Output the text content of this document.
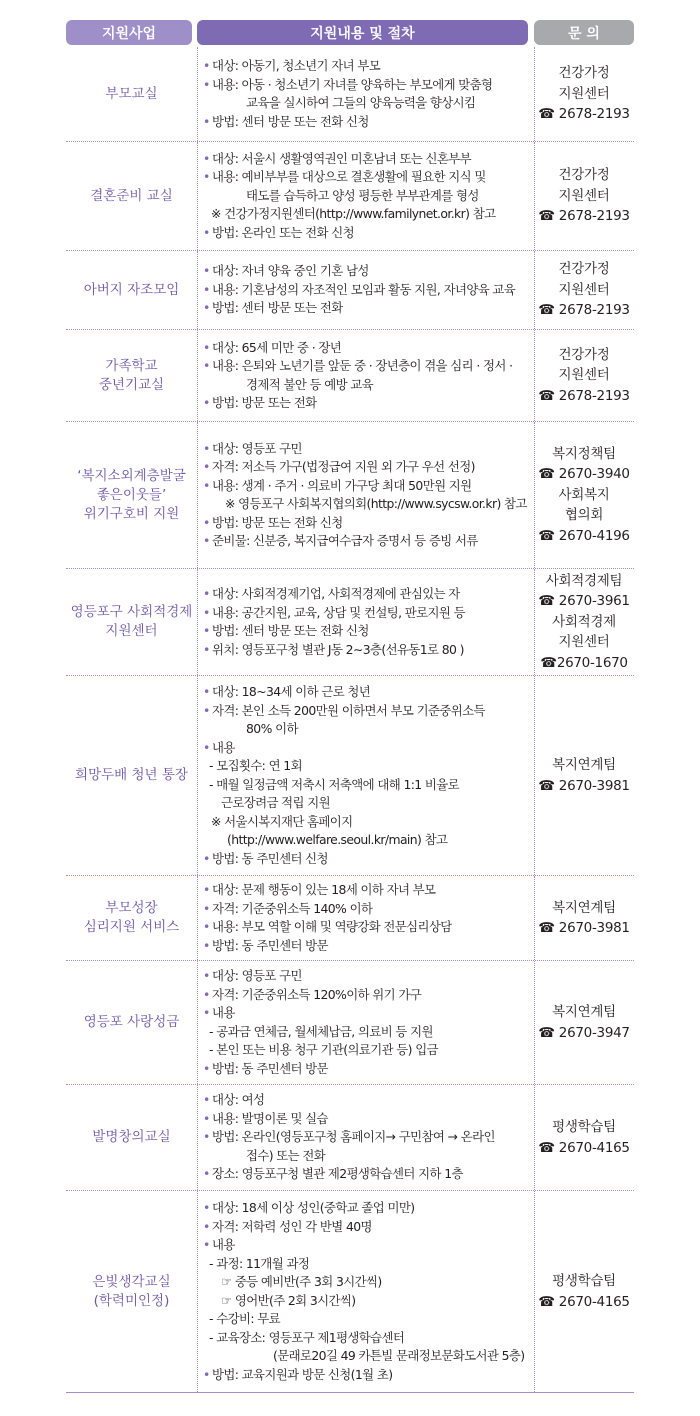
지원사업	지원내용 및 절차	문 의
부모교실
• 대상: 아동기, 청소년기 자녀 부모
• 내용: 아동 · 청소년기 자녀를 양육하는 부모에게 맞춤형
교육을 실시하여 그들의 양육능력을 향상시킴
• 방법: 센터 방문 또는 전화 신청
건강가정
지원센터
☎ 2678-2193
결혼준비 교실
• 대상: 서울시 생활영역권인 미혼남녀 또는 신혼부부
• 내용: 예비부부를 대상으로 결혼생활에 필요한 지식 및
태도를 습득하고 양성 평등한 부부관계를 형성
※ 건강가정지원센터(http://www.familynet.or.kr) 참고
• 방법: 온라인 또는 전화 신청
건강가정
지원센터
☎ 2678-2193
아버지 자조모임
• 대상: 자녀 양육 중인 기혼 남성
• 내용: 기혼남성의 자조적인 모임과 활동 지원, 자녀양육 교육
• 방법: 센터 방문 또는 전화
건강가정
지원센터
☎ 2678-2193
가족학교
중년기교실
• 대상: 65세 미만 중 · 장년
• 내용: 은퇴와 노년기를 앞둔 중 · 장년층이 겪을 심리 · 정서 ·
경제적 불안 등 예방 교육
• 방법: 방문 또는 전화
건강가정
지원센터
☎ 2678-2193
‘복지소외계층발굴
좋은이웃들’
위기구호비 지원
• 대상: 영등포 구민
• 자격: 저소득 가구(법정급여 지원 외 가구 우선 선정)
• 내용: 생계 · 주거 · 의료비 가구당 최대 50만원 지원
※ 영등포구 사회복지협의회(http://www.sycsw.or.kr) 참고
• 방법: 방문 또는 전화 신청
• 준비물: 신분증, 복지급여수급자 증명서 등 증빙 서류
복지정책팀
☎ 2670-3940
사회복지
협의회
☎ 2670-4196
영등포구 사회적경제
지원센터
• 대상: 사회적경제기업, 사회적경제에 관심있는 자
• 내용: 공간지원, 교육, 상담 및 컨설팅, 판로지원 등
• 방법: 센터 방문 또는 전화 신청
• 위치: 영등포구청 별관 J동 2∼3층(선유동1로 80 )
사회적경제팀
☎ 2670-3961
사회적경제
지원센터
☎2670-1670
희망두배 청년 통장
• 대상: 18~34세 이하 근로 청년
• 자격: 본인 소득 200만원 이하면서 부모 기준중위소득
80% 이하
• 내용
- 모집횟수: 연 1회
- 매월 일정금액 저축시 저축액에 대해 1:1 비율로
근로장려금 적립 지원
※ 서울시복지재단 홈페이지
(http://www.welfare.seoul.kr/main) 참고
• 방법: 동 주민센터 신청
복지연계팀
☎ 2670-3981
부모성장
심리지원 서비스
• 대상: 문제 행동이 있는 18세 이하 자녀 부모
• 자격: 기준중위소득 140% 이하
• 내용: 부모 역할 이해 및 역량강화 전문심리상담
• 방법: 동 주민센터 방문
복지연계팀
☎ 2670-3981
영등포 사랑성금
• 대상: 영등포 구민
• 자격: 기준중위소득 120%이하 위기 가구
• 내용
- 공과금 연체금, 월세체납금, 의료비 등 지원
- 본인 또는 비용 청구 기관(의료기관 등) 입금
• 방법: 동 주민센터 방문
복지연계팀
☎ 2670-3947
발명창의교실
• 대상: 여성
• 내용: 발명이론 및 실습
• 방법: 온라인(영등포구청 홈페이지→ 구민참여 → 온라인
접수) 또는 전화
• 장소: 영등포구청 별관 제2평생학습센터 지하 1층
평생학습팀
☎ 2670-4165
은빛생각교실
(학력미인정)
• 대상: 18세 이상 성인(중학교 졸업 미만)
• 자격: 저학력 성인 각 반별 40명
• 내용
- 과정: 11개월 과정
☞ 중등 예비반(주 3회 3시간씩)
☞ 영어반(주 2회 3시간씩)
- 수강비: 무료
- 교육장소: 영등포구 제1평생학습센터
(문래로20길 49 카튼빌 문래정보문화도서관 5층)
• 방법: 교육지원과 방문 신청(1월 초)
평생학습팀
☎ 2670-4165
